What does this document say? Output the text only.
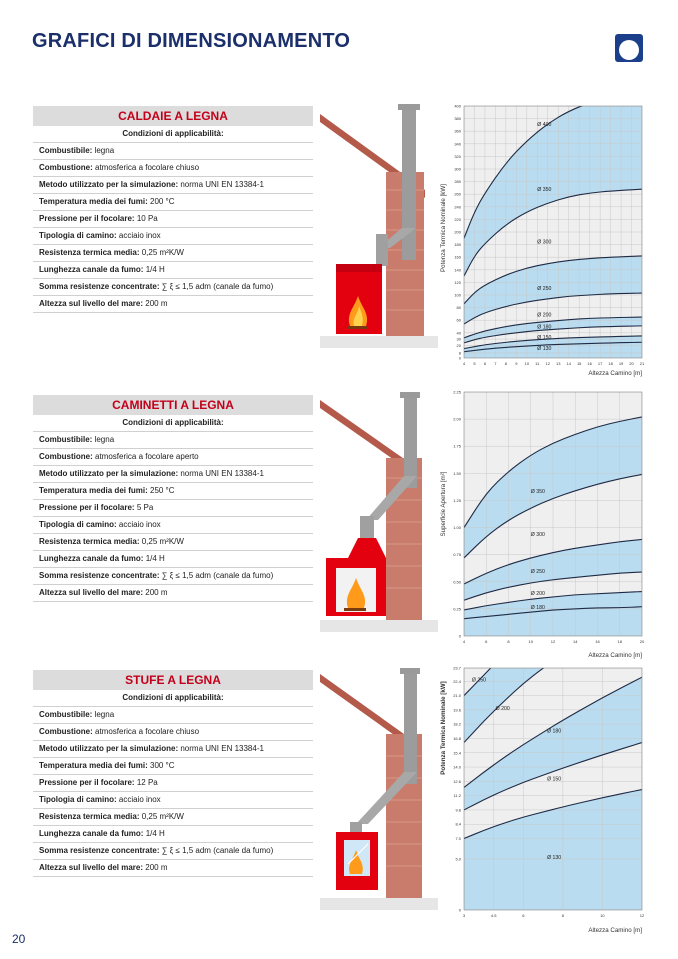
GRAFICI DI DIMENSIONAMENTO
GBD
CALDAIE A LEGNA
Condizioni di applicabilità:
Combustibile: legna
Combustione: atmosferica a focolare chiuso
Metodo utilizzato per la simulazione: norma UNI EN 13384-1
Temperatura media dei fumi: 200 °C
Pressione per il focolare: 10 Pa
Tipologia di camino: acciaio inox
Resistenza termica media: 0,25 m²K/W
Lunghezza canale da fumo: 1/4 H
Somma resistenze concentrate: ∑ ξ ≤ 1,5 adm (canale da fumo)
Altezza sul livello del mare: 200 m
CAMINETTI A LEGNA
Condizioni di applicabilità:
Combustibile: legna
Combustione: atmosferica a focolare aperto
Metodo utilizzato per la simulazione: norma UNI EN 13384-1
Temperatura media dei fumi: 250 °C
Pressione per il focolare: 5 Pa
Tipologia di camino: acciaio inox
Resistenza termica media: 0,25 m²K/W
Lunghezza canale da fumo: 1/4 H
Somma resistenze concentrate: ∑ ξ ≤ 1,5 adm (canale da fumo)
Altezza sul livello del mare: 200 m
STUFE A LEGNA
Condizioni di applicabilità:
Combustibile: legna
Combustione: atmosferica a focolare chiuso
Metodo utilizzato per la simulazione: norma UNI EN 13384-1
Temperatura media dei fumi: 300 °C
Pressione per il focolare: 12 Pa
Tipologia di camino: acciaio inox
Resistenza termica media: 0,25 m²K/W
Lunghezza canale da fumo: 1/4 H
Somma resistenze concentrate: ∑ ξ ≤ 1,5 adm (canale da fumo)
Altezza sul livello del mare: 200 m
Potenza Termica Nominale [kW]
Altezza Camino [m]
Ø 400
Ø 350
Ø 300
Ø 250
Ø 200
Ø 180
Ø 150
Ø 130
4 5 6 7 8 9 10 11 12 13 14 15 16 17 18 19 20 21
0
8
20
30
40
60
80
100
120
140
160
180
200
220
240
260
280
300
320
340
360
380
400
Superficie Apertura [m²]
Altezza Camino [m]
Ø 350
Ø 300
Ø 250
Ø 200
Ø 180
4	6	8	10	12	14	16	18	20
0
0.25
0.50
0.75
1.00
1.25
1.50
1.75
2.00
2.25
Potenza Termica Nominale [kW]
Altezza Camino [m]
Ø 250
Ø 200
Ø 180
Ø 150
Ø 130
3	4.5	6	8	10	12
0
5.0
7.0
8.4
9.8
11.2
12.6
14.0
15.4
16.8
18.2
19.6
21.0
22.4
23.7
20
